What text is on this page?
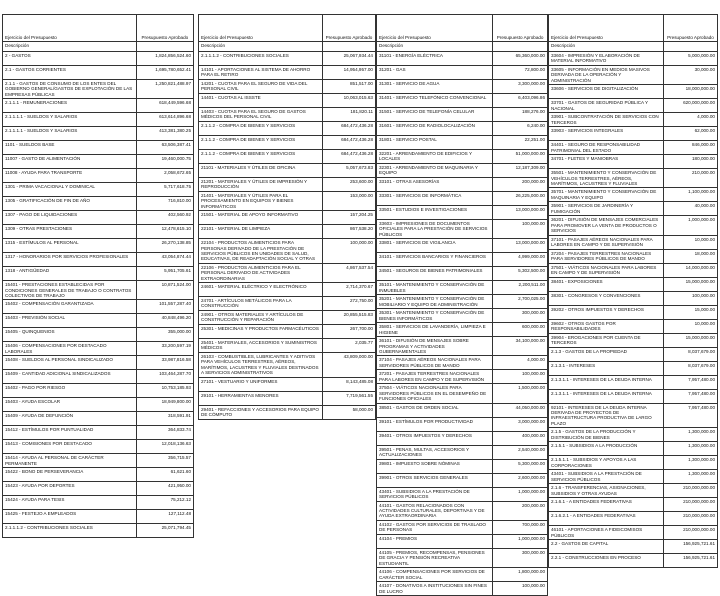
Ejercicio del Presupuesto	Presupuesto Aprobado
Descripción	
2 - GASTOS	1,824,856,524.60
2.1 - GASTOS CORRIENTES	1,695,780,652.41
2.1.1 - GASTOS DE CONSUMO DE LOS ENTES DEL GOBIERNO GENERAL/GASTOS DE EXPLOTACIÓN DE LAS EMPRESAS PÚBLICAS	1,250,821,488.97
2.1.1.1 - REMUNERACIONES	618,449,596.68
2.1.1.1.1 - SUELDOS Y SALARIOS	613,614,896.68
2.1.1.1.1 - SUELDOS Y SALARIOS	413,381,380.25
1101 - SUELDOS BASE	63,506,387.41
11007 - GASTO DE ALIMENTACIÓN	19,460,000.75
11008 - AYUDA PARA TRANSPORTE	2,058,672.65
1301 - PRIMA VACACIONAL Y DOMINICAL	5,717,618.75
1305 - GRATIFICACIÓN DE FIN DE AÑO	716,810.00
1307 - PAGO DE LIQUIDACIONES	402,560.92
1309 - OTRAS PRESTACIONES	12,478,615.10
1315 - ESTÍMULOS AL PERSONAL	26,270,138.85
1317 - HONORARIOS POR SERVICIOS PROFESIONALES	43,054,874.44
1318 - ANTIGÜEDAD	5,951,705.61
15401 - PRESTACIONES ESTABLECIDAS POR CONDICIONES GENERALES DE TRABAJO O CONTRATOS COLECTIVOS DE TRABAJO	10,871,524.00
15402 - COMPENSACIÓN GARANTIZADA	101,557,287.40
15403 - PREVISIÓN SOCIAL	40,848,496.20
15405 - QUINQUENIOS	355,000.00
15406 - COMPENSACIONES POR DESTACADO LABORALES	33,200,597.19
15408 - SUELDOS AL PERSONAL SINDICALIZADO	33,987,816.58
15409 - CANTIDAD ADICIONAL SINDICALIZADOS	103,464,287.70
15402 - PAGO POR RIESGO	10,753,185.93
15403 - AYUDA ESCOLAR	18,949,800.00
15409 - AYUDA DE DEFUNCIÓN	318,591.91
15412 - ESTÍMULOS POR PUNTUALIDAD	364,833.74
15413 - COMISIONES POR DESTACADO	12,018,136.63
15414 - AYUDA AL PERSONAL DE CARÁCTER PERMANENTE	356,715.57
15422 - BONO DE PERSEVERANCIA	61,621.60
15423 - AYUDA POR DEPORTES	421,950.00
15424 - AYUDA PARA TESIS	75,212.12
15425 - FESTEJO A EMPLEADOS	127,112.48
2.1.1.1.2 - CONTRIBUCIONES SOCIALES	25,071,794.45
Ejercicio del Presupuesto	Presupuesto Aprobado
Descripción	
2.1.1.1.2 - CONTRIBUCIONES SOCIALES	25,067,934.44
14101 - APORTACIONES AL SISTEMA DE AHORRO PARA EL RETIRO	14,954,957.00
14201 - CUOTAS PARA EL SEGURO DE VIDA DEL PERSONAL CIVIL	851,517.00
14401 - CUOTAS AL ISSSTE	10,063,015.63
14403 - CUOTAS PARA EL SEGURO DE GASTOS MÉDICOS DEL PERSONAL CIVIL	181,820.11
2.1.1.2 - COMPRA DE BIENES Y SERVICIOS	684,472,436.28
2.1.1.2 - COMPRA DE BIENES Y SERVICIOS	684,472,436.28
2.1.1.2 - COMPRA DE BIENES Y SERVICIOS	684,472,436.28
21101 - MATERIALES Y ÚTILES DE OFICINA	5,057,673.83
21201 - MATERIALES Y ÚTILES DE IMPRESIÓN Y REPRODUCCIÓN	253,600.00
21401 - MATERIALES Y ÚTILES PARA EL PROCESAMIENTO EN EQUIPOS Y BIENES INFORMÁTICOS	153,000.00
21501 - MATERIAL DE APOYO INFORMATIVO	157,204.25
22101 - MATERIAL DE LIMPIEZA	867,538.20
22104 - PRODUCTOS ALIMENTICIOS PARA PERSONAS DERIVADO DE LA PRESTACIÓN DE SERVICIOS PÚBLICOS EN UNIDADES DE SALUD, EDUCATIVAS, DE READAPTACIÓN SOCIAL Y OTRAS	100,000.00
22106 - PRODUCTOS ALIMENTICIOS PARA EL PERSONAL DERIVADO DE ACTIVIDADES EXTRAORDINARIAS	4,867,537.54
24601 - MATERIAL ELÉCTRICO Y ELECTRÓNICO	2,714,370.67
24701 - ARTÍCULOS METÁLICOS PARA LA CONSTRUCCIÓN	272,750.00
24901 - OTROS MATERIALES Y ARTÍCULOS DE CONSTRUCCIÓN Y REPARACIÓN	20,855,515.83
25301 - MEDICINAS Y PRODUCTOS FARMACÉUTICOS	267,700.00
25401 - MATERIALES, ACCESORIOS Y SUMINISTROS MÉDICOS	2,035.77
26103 - COMBUSTIBLES, LUBRICANTES Y ADITIVOS PARA VEHÍCULOS TERRESTRES, AÉREOS, MARÍTIMOS, LACUSTRES Y FLUVIALES DESTINADOS A SERVICIOS ADMINISTRATIVOS	43,809,000.00
27101 - VESTUARIO Y UNIFORMES	8,143,485.08
29101 - HERRAMIENTAS MENORES	7,719,561.55
29401 - REFACCIONES Y ACCESORIOS PARA EQUIPO DE CÓMPUTO	58,000.00
Ejercicio del Presupuesto	Presupuesto Aprobado
Descripción	
31101 - ENERGÍA ELÉCTRICA	65,360,000.00
31201 - GAS	72,800.00
31301 - SERVICIO DE AGUA	3,300,000.00
31401 - SERVICIO TELEFÓNICO CONVENCIONAL	6,403,096.86
31501 - SERVICIO DE TELEFONÍA CELULAR	188,276.00
31601 - SERVICIO DE RADIOLOCALIZACIÓN	6,240.00
31801 - SERVICIO POSTAL	22,251.00
32201 - ARRENDAMIENTO DE EDIFICIOS Y LOCALES	51,000,000.00
32301 - ARRENDAMIENTO DE MAQUINARIA Y EQUIPO	12,187,309.00
33101 - OTRAS ASESORÍAS	200,000.00
33301 - SERVICIOS DE INFORMÁTICA	26,225,000.00
33501 - ESTUDIOS E INVESTIGACIONES	13,000,000.00
33603 - IMPRESIONES DE DOCUMENTOS OFICIALES PARA LA PRESTACIÓN DE SERVICIOS PÚBLICOS	100,000.00
33801 - SERVICIOS DE VIGILANCIA	13,000,000.00
34101 - SERVICIOS BANCARIOS Y FINANCIEROS	4,999,000.00
34501 - SEGUROS DE BIENES PATRIMONIALES	5,302,500.00
35101 - MANTENIMIENTO Y CONSERVACIÓN DE INMUEBLES	2,200,511.00
35201 - MANTENIMIENTO Y CONSERVACIÓN DE MOBILIARIO Y EQUIPO DE ADMINISTRACIÓN	2,700,025.00
35301 - MANTENIMIENTO Y CONSERVACIÓN DE BIENES INFORMÁTICOS	300,000.00
35801 - SERVICIOS DE LAVANDERÍA, LIMPIEZA E HIGIENE	600,000.00
36101 - DIFUSIÓN DE MENSAJES SOBRE PROGRAMAS Y ACTIVIDADES GUBERNAMENTALES	34,100,000.00
37104 - PASAJES AÉREOS NACIONALES PARA SERVIDORES PÚBLICOS DE MANDO	4,000.00
37201 - PASAJES TERRESTRES NACIONALES PARA LABORES EN CAMPO Y DE SUPERVISIÓN	100,000.00
37504 - VIÁTICOS NACIONALES PARA SERVIDORES PÚBLICOS EN EL DESEMPEÑO DE FUNCIONES OFICIALES	1,500,000.00
38501 - GASTOS DE ORDEN SOCIAL	44,050,000.00
39101 - ESTÍMULOS POR PRODUCTIVIDAD	3,000,000.00
39401 - OTROS IMPUESTOS Y DERECHOS	400,000.00
39501 - PENAS, MULTAS, ACCESORIOS Y ACTUALIZACIONES	2,540,000.00
39801 - IMPUESTO SOBRE NÓMINAS	5,300,000.00
39901 - OTROS SERVICIOS GENERALES	2,600,000.00
43401 - SUBSIDIOS A LA PRESTACIÓN DE SERVICIOS PÚBLICOS	1,000,000.00
44101 - GASTOS RELACIONADOS CON ACTIVIDADES CULTURALES, DEPORTIVAS Y DE AYUDA EXTRAORDINARIA	200,000.00
44102 - GASTOS POR SERVICIOS DE TRASLADO DE PERSONAS	700,000.00
44104 - PREMIOS	1,000,000.00
44105 - PREMIOS, RECOMPENSAS, PENSIONES DE GRACIA Y PENSIÓN RECREATIVA ESTUDIANTIL	300,000.00
44106 - COMPENSACIONES POR SERVICIOS DE CARÁCTER SOCIAL	1,800,000.00
44107 - DONATIVOS A INSTITUCIONES SIN FINES DE LUCRO	100,000.00
Ejercicio del Presupuesto	Presupuesto Aprobado
Descripción	
33604 - IMPRESIÓN Y ELABORACIÓN DE MATERIAL INFORMATIVO	5,000,000.00
33605 - INFORMACIÓN EN MEDIOS MASIVOS DERIVADA DE LA OPERACIÓN Y ADMINISTRACIÓN	30,000.00
33606 - SERVICIOS DE DIGITALIZACIÓN	18,000,000.00
33701 - GASTOS DE SEGURIDAD PÚBLICA Y NACIONAL	620,000,000.00
33901 - SUBCONTRATACIÓN DE SERVICIOS CON TERCEROS	4,000.00
33903 - SERVICIOS INTEGRALES	62,000.00
34401 - SEGURO DE RESPONSABILIDAD PATRIMONIAL DEL ESTADO	846,000.00
34701 - FLETES Y MANIOBRAS	180,000.00
35501 - MANTENIMIENTO Y CONSERVACIÓN DE VEHÍCULOS TERRESTRES, AÉREOS, MARÍTIMOS, LACUSTRES Y FLUVIALES	210,000.00
35701 - MANTENIMIENTO Y CONSERVACIÓN DE MAQUINARIA Y EQUIPO	1,100,000.00
35901 - SERVICIOS DE JARDINERÍA Y FUMIGACIÓN	40,000.00
36201 - DIFUSIÓN DE MENSAJES COMERCIALES PARA PROMOVER LA VENTA DE PRODUCTOS O SERVICIOS	1,000,000.00
37101 - PASAJES AÉREOS NACIONALES PARA LABORES EN CAMPO Y DE SUPERVISIÓN	10,000.00
37204 - PASAJES TERRESTRES NACIONALES PARA SERVIDORES PÚBLICOS DE MANDO	18,000.00
37501 - VIÁTICOS NACIONALES PARA LABORES EN CAMPO Y DE SUPERVISIÓN	14,000,000.00
38401 - EXPOSICIONES	15,000,000.00
38301 - CONGRESOS Y CONVENCIONES	100,000.00
39202 - OTROS IMPUESTOS Y DERECHOS	15,000.00
39602 - OTROS GASTOS POR RESPONSABILIDADES	10,000.00
39904 - EROGACIONES POR CUENTA DE TERCEROS	15,000,000.00
2.1.3 - GASTOS DE LA PROPIEDAD	8,037,679.00
2.1.3.1 - INTERESES	8,037,679.00
2.1.3.1.1 - INTERESES DE LA DEUDA INTERNA	7,957,480.00
2.1.3.1.1 - INTERESES DE LA DEUDA INTERNA	7,957,480.00
92101 - INTERESES DE LA DEUDA INTERNA DERIVADA DE PROYECTOS DE INFRAESTRUCTURA PRODUCTIVA DE LARGO PLAZO	7,957,480.00
2.1.5 - GASTOS DE LA PRODUCCIÓN Y DISTRIBUCIÓN DE BIENES	1,300,000.00
2.1.5.1 - SUBSIDIOS A LA PRODUCCIÓN	1,300,000.00
2.1.5.1.1 - SUBSIDIOS Y APOYOS A LAS CORPORACIONES	1,300,000.00
43401 - SUBSIDIOS A LA PRESTACIÓN DE SERVICIOS PÚBLICOS	1,300,000.00
2.1.6 - TRANSFERENCIAS, ASIGNACIONES, SUBSIDIOS Y OTRAS AYUDAS	210,000,000.00
2.1.6.1 - A ENTIDADES FEDERATIVAS	210,000,000.00
2.1.6.2.1 - A ENTIDADES FEDERATIVAS	210,000,000.00
46101 - APORTACIONES A FIDEICOMISOS PÚBLICOS	210,000,000.00
2.2 - GASTOS DE CAPITAL	156,925,721.61
2.2.1 - CONSTRUCCIONES EN PROCESO	156,925,721.61
